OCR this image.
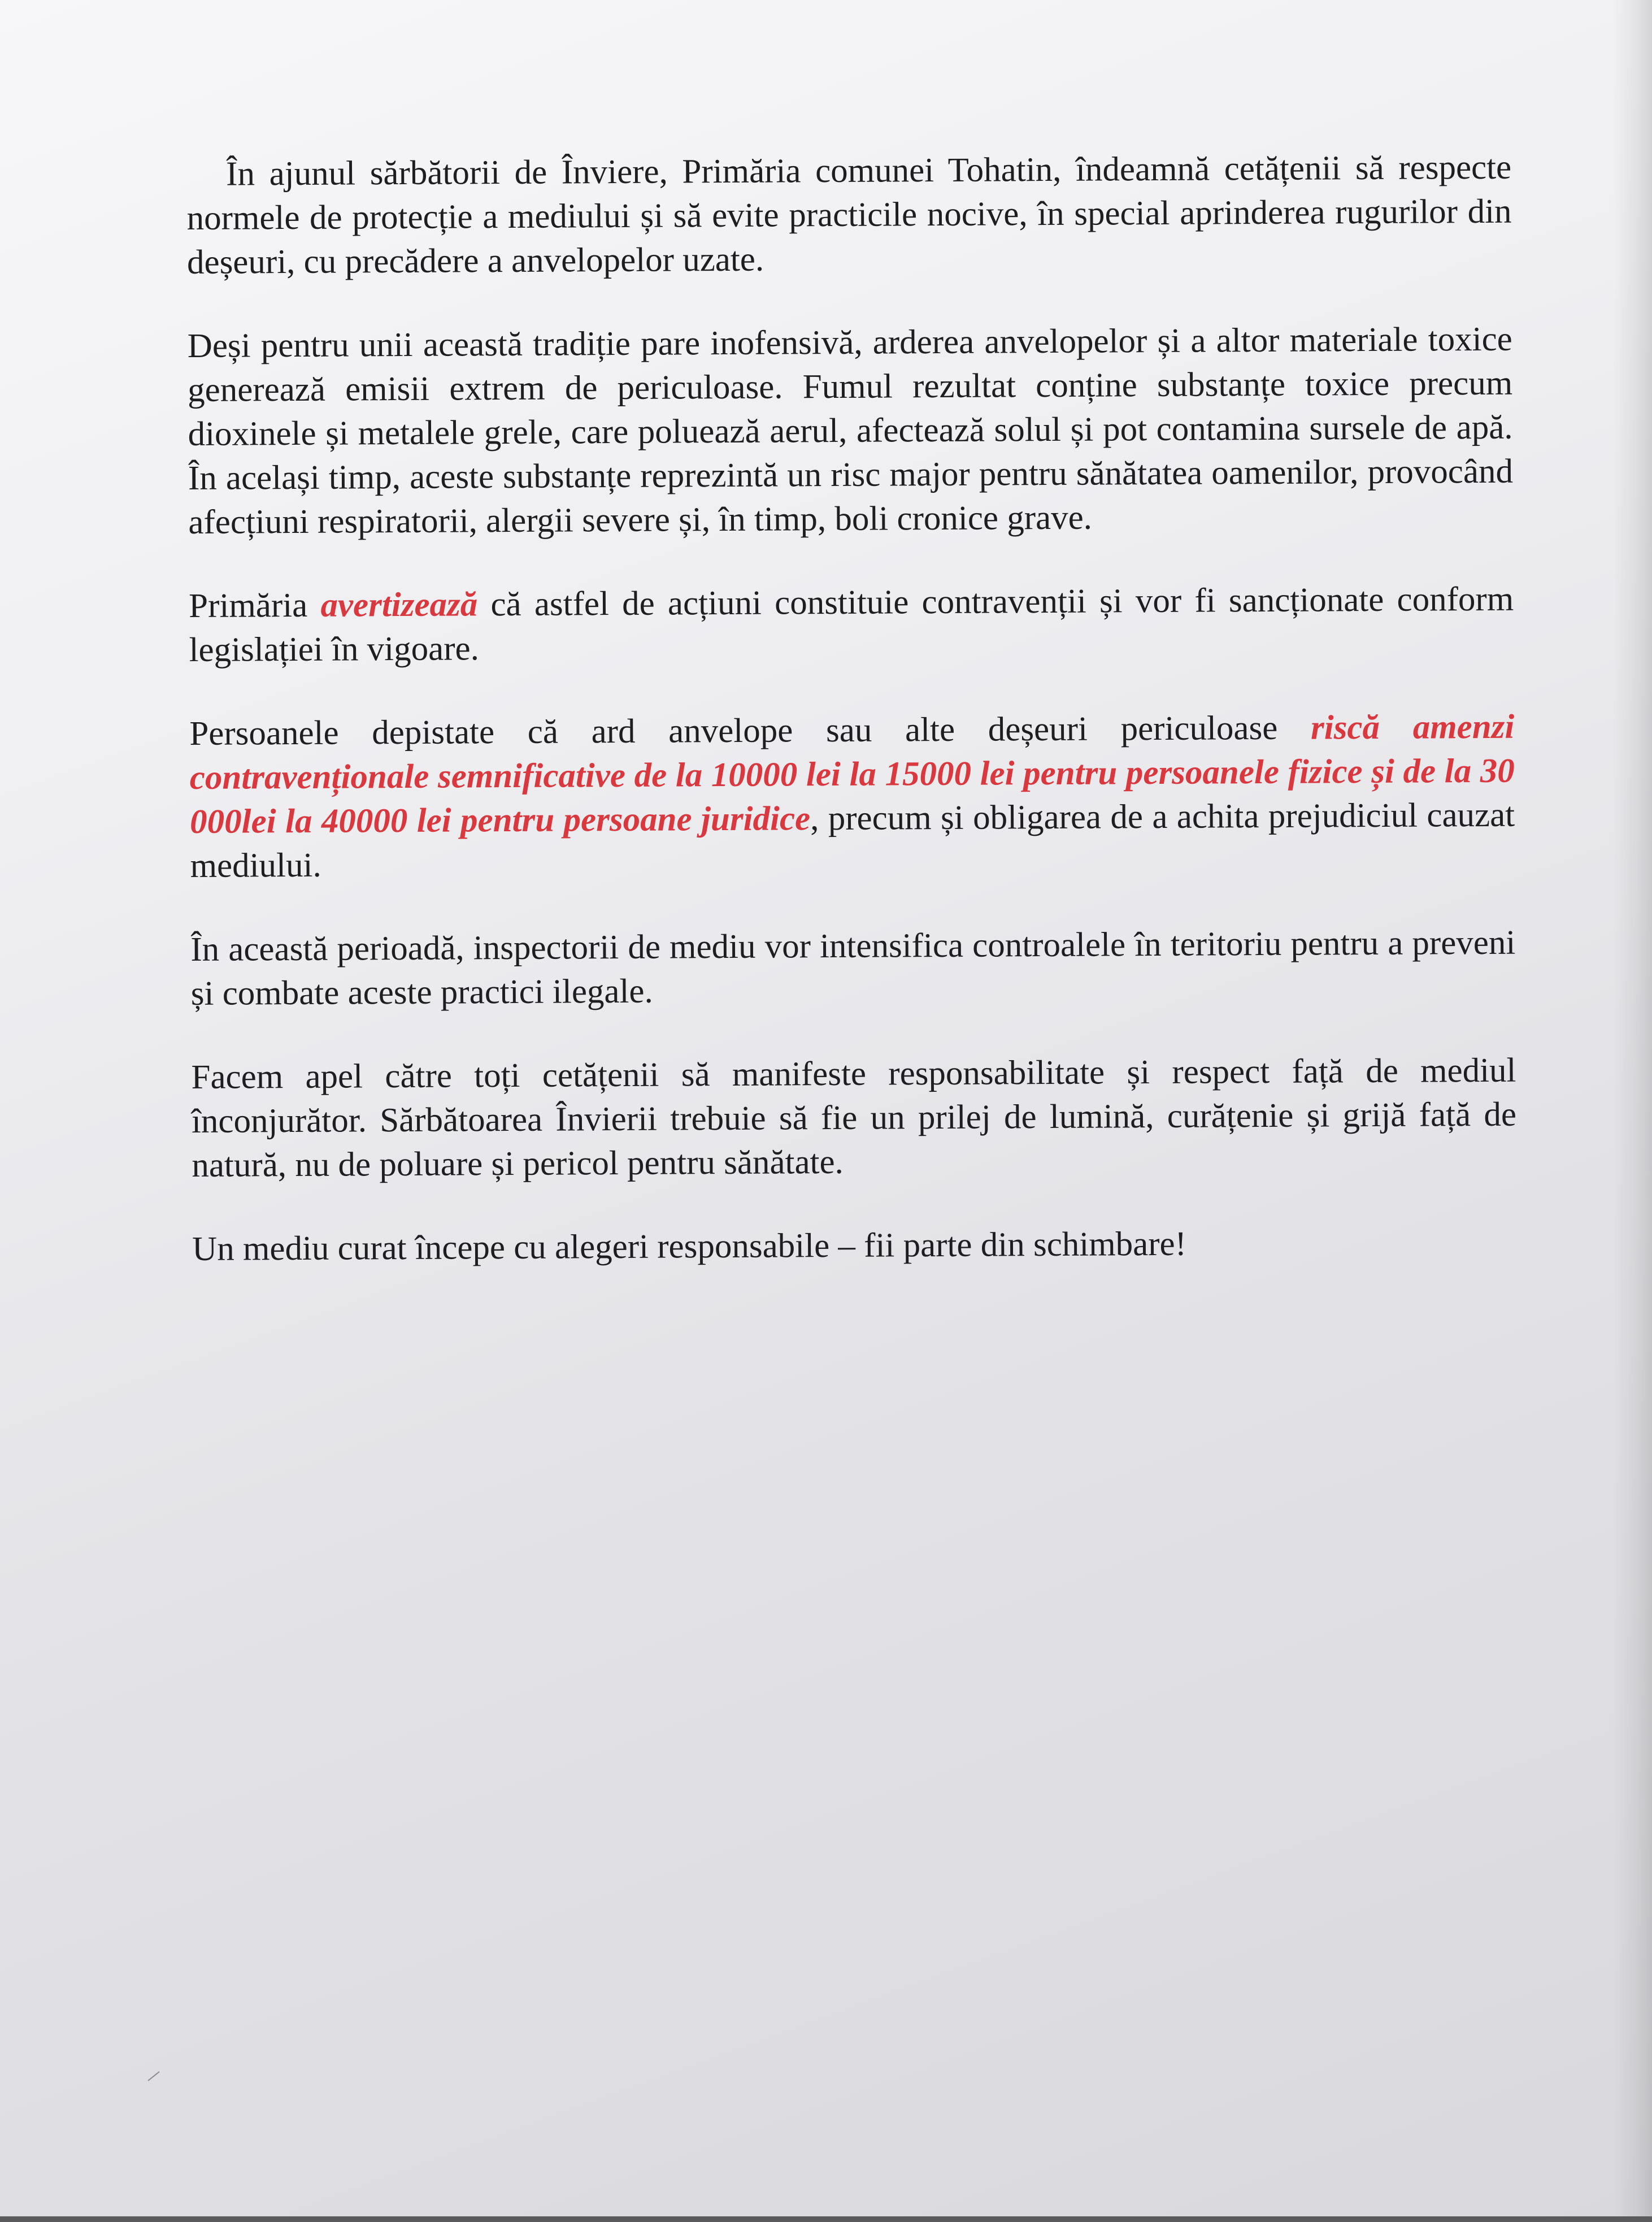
În ajunul sărbătorii de Înviere, Primăria comunei Tohatin, îndeamnă cetățenii să respecte normele de protecție a mediului și să evite practicile nocive, în special aprinderea rugurilor din deșeuri, cu precădere a anvelopelor uzate.

Deși pentru unii această tradiție pare inofensivă, arderea anvelopelor și a altor materiale toxice generează emisii extrem de periculoase. Fumul rezultat conține substanțe toxice precum dioxinele și metalele grele, care poluează aerul, afectează solul și pot contamina sursele de apă. În același timp, aceste substanțe reprezintă un risc major pentru sănătatea oamenilor, provocând afecțiuni respiratorii, alergii severe și, în timp, boli cronice grave.

Primăria avertizează că astfel de acțiuni constituie contravenții și vor fi sancționate conform legislației în vigoare.

Persoanele depistate că ard anvelope sau alte deșeuri periculoase riscă amenzi contravenționale semnificative de la 10000 lei la 15000 lei pentru persoanele fizice și de la 30 000lei la 40000 lei pentru persoane juridice, precum și obligarea de a achita prejudiciul cauzat mediului.

În această perioadă, inspectorii de mediu vor intensifica controalele în teritoriu pentru a preveni și combate aceste practici ilegale.

Facem apel către toți cetățenii să manifeste responsabilitate și respect față de mediul înconjurător. Sărbătoarea Învierii trebuie să fie un prilej de lumină, curățenie și grijă față de natură, nu de poluare și pericol pentru sănătate.

Un mediu curat începe cu alegeri responsabile – fii parte din schimbare!
